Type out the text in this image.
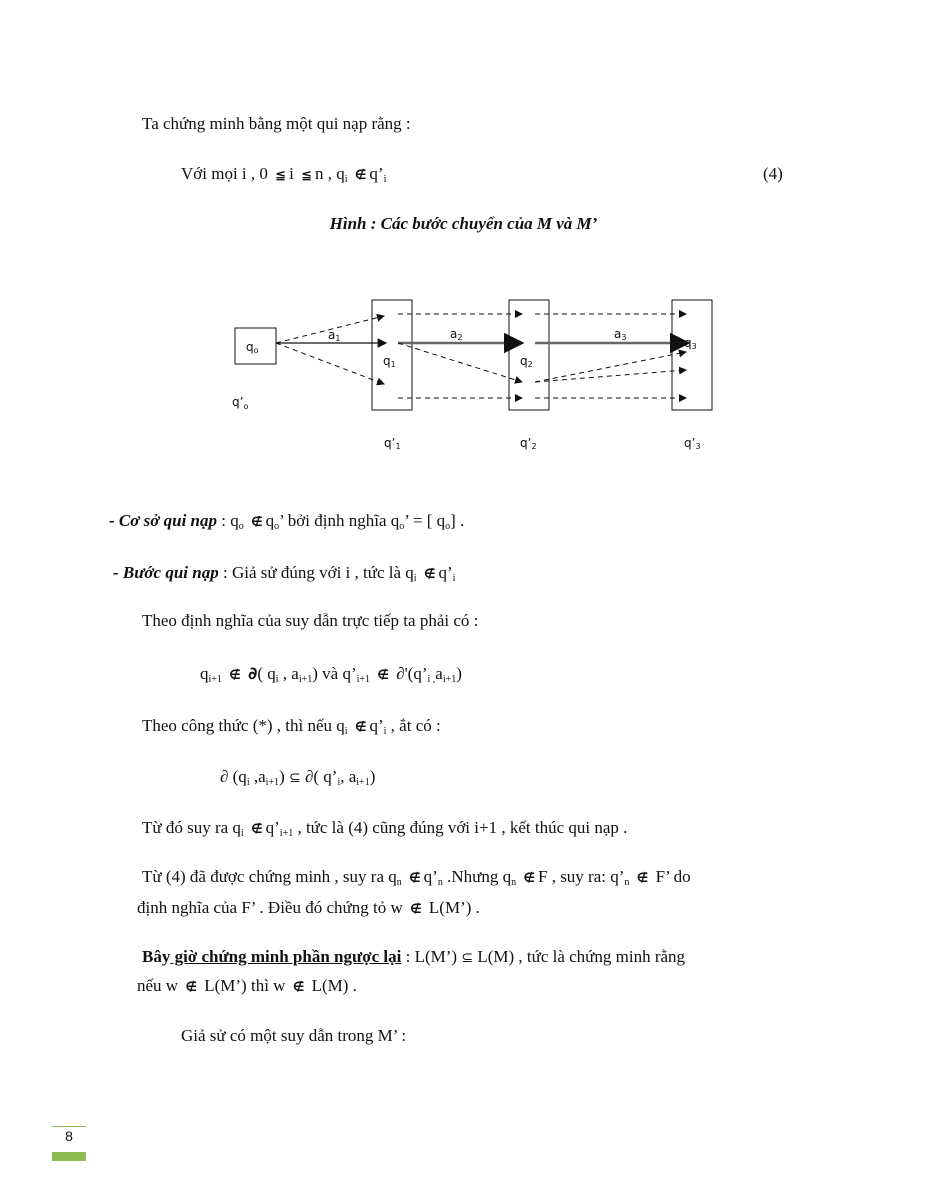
Ta chứng minh bằng một qui nạp rằng :
Với mọi i , 0 ≦ i ≦ n , $q_i$ ∉ $q’_i$	(4)
Hình : Các bước chuyển của M và M’
qo
$q’_o$
a1	a2	a3
q1	q2
q3
q’1	q’2	q’3
- Cơ sở qui nạp : $q_o$ ∉ $q_o$’ bởi định nghĩa $q_o$’ = [ $q_o$] .
- Bước qui nạp : Giả sử đúng với i , tức là $q_i$ ∉ $q’_i$
Theo định nghĩa của suy dẫn trực tiếp ta phải có :
$q_{i+1}$ ∉ ∂( $q_i$ , $a_{i+1}$) và $q’_{i+1}$ ∉ $\partial'(q’_{i ,}a_{i+1})$
Theo công thức (*) , thì nếu $q_i$ ∉ $q’_i$ , ắt có :
∂ ($q_i$ $,a_{i+1}$) ⊆ ∂( $q’_i$, $a_{i+1}$)
Từ đó suy ra $q_i$ ∉ $q’_{i+1}$ , tức là (4) cũng đúng với i+1 , kết thúc qui nạp .
Từ (4) đã được chứng minh , suy ra $q_n$ ∉ $q’_n$ .Nhưng $q_n$ ∉ F , suy ra: $q’_n$ ∉ F’ do
định nghĩa của F’ . Điều đó chứng tỏ w ∉ L(M’) .
Bây giờ chứng minh phần ngược lại : L(M’) ⊆ L(M) , tức là chứng minh rằng
nếu w ∉ L(M’) thì w ∉ L(M) .
Giả sử có một suy dẫn trong M’ :
8
